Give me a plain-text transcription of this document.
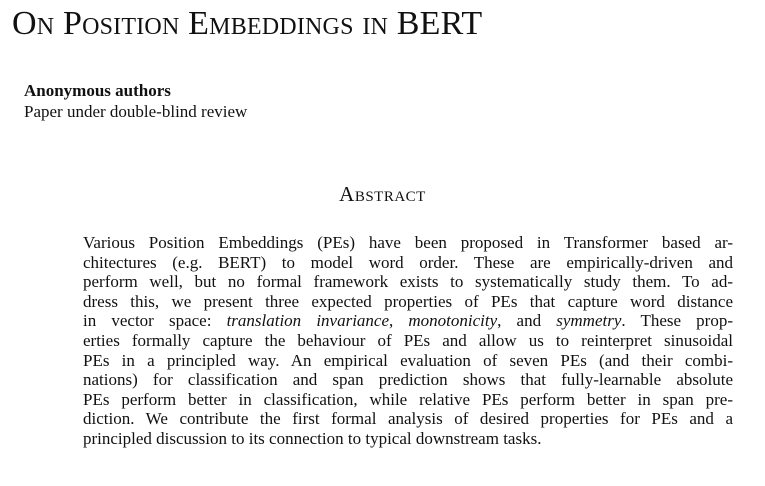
On Position Embeddings in BERT
Anonymous authors
Paper under double-blind review
Abstract
Various Position Embeddings (PEs) have been proposed in Transformer based ar-
chitectures (e.g. BERT) to model word order. These are empirically-driven and
perform well, but no formal framework exists to systematically study them. To ad-
dress this, we present three expected properties of PEs that capture word distance
in vector space: translation invariance, monotonicity, and symmetry. These prop-
erties formally capture the behaviour of PEs and allow us to reinterpret sinusoidal
PEs in a principled way. An empirical evaluation of seven PEs (and their combi-
nations) for classification and span prediction shows that fully-learnable absolute
PEs perform better in classification, while relative PEs perform better in span pre-
diction. We contribute the first formal analysis of desired properties for PEs and a
principled discussion to its connection to typical downstream tasks.
